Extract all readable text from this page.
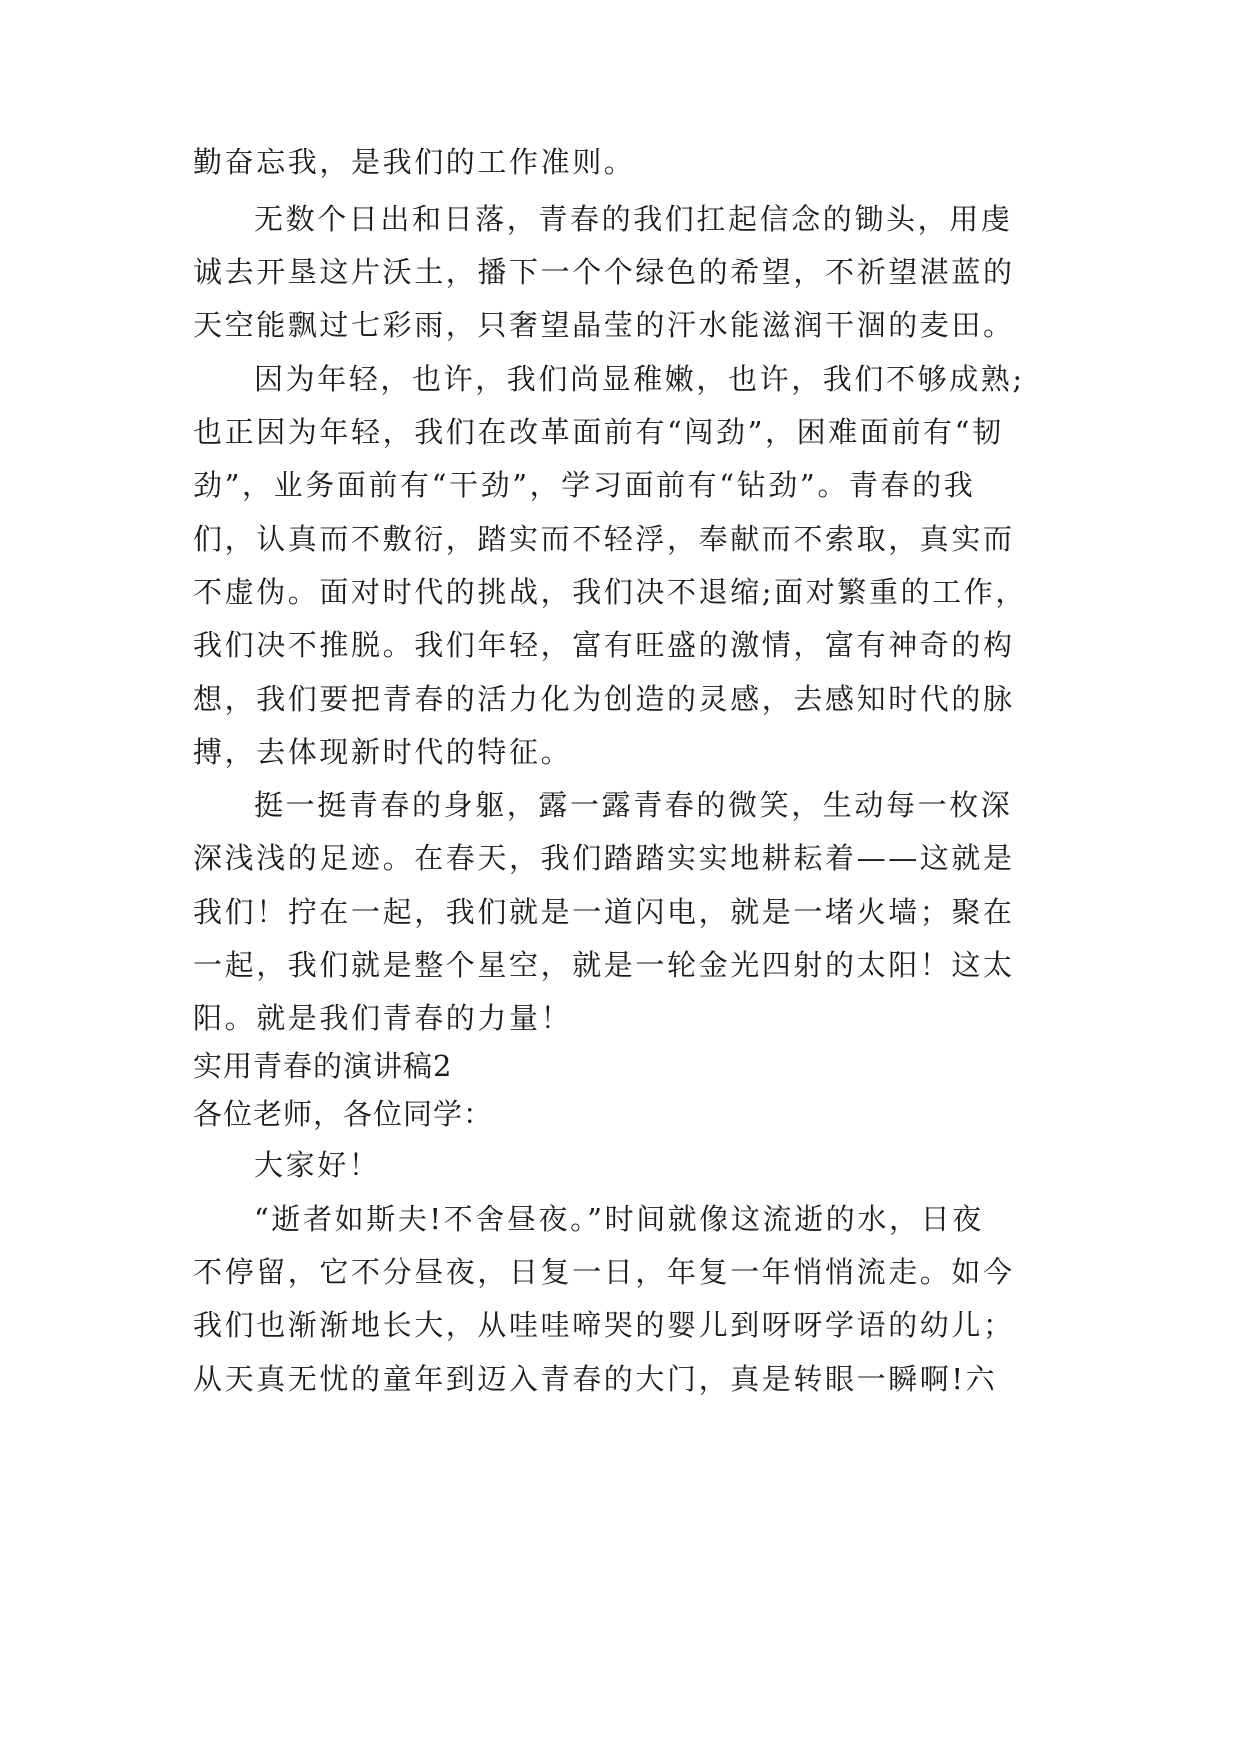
勤奋忘我，是我们的工作准则。
无数个日出和日落，青春的我们扛起信念的锄头，用虔
诚去开垦这片沃土，播下一个个绿色的希望，不祈望湛蓝的
天空能飘过七彩雨，只奢望晶莹的汗水能滋润干涸的麦田。
因为年轻，也许，我们尚显稚嫩，也许，我们不够成熟;
也正因为年轻，我们在改革面前有“闯劲”，困难面前有“韧
劲”，业务面前有“干劲”，学习面前有“钻劲”。青春的我
们，认真而不敷衍，踏实而不轻浮，奉献而不索取，真实而
不虚伪。面对时代的挑战，我们决不退缩;面对繁重的工作，
我们决不推脱。我们年轻，富有旺盛的激情，富有神奇的构
想，我们要把青春的活力化为创造的灵感，去感知时代的脉
搏，去体现新时代的特征。
挺一挺青春的身躯，露一露青春的微笑，生动每一枚深
深浅浅的足迹。在春天，我们踏踏实实地耕耘着——这就是
我们！拧在一起，我们就是一道闪电，就是一堵火墙；聚在
一起，我们就是整个星空，就是一轮金光四射的太阳！这太
阳。就是我们青春的力量！
实用青春的演讲稿2
各位老师，各位同学：
大家好！
“逝者如斯夫!不舍昼夜。”时间就像这流逝的水，日夜
不停留，它不分昼夜，日复一日，年复一年悄悄流走。如今
我们也渐渐地长大，从哇哇啼哭的婴儿到呀呀学语的幼儿；
从天真无忧的童年到迈入青春的大门，真是转眼一瞬啊!六
